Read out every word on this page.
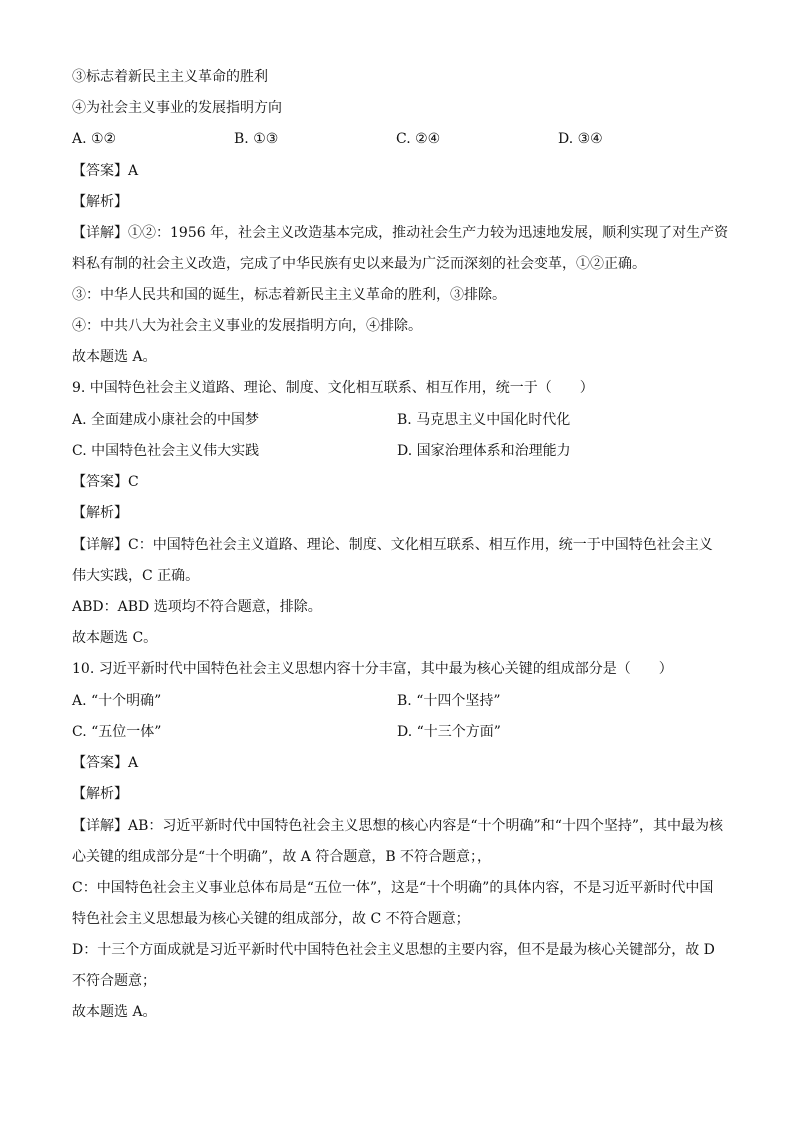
③标志着新民主主义革命的胜利
④为社会主义事业的发展指明方向
A. ①②	B. ①③	C. ②④	D. ③④
【答案】A
【解析】
【详解】①②：1956 年，社会主义改造基本完成，推动社会生产力较为迅速地发展，顺利实现了对生产资
料私有制的社会主义改造，完成了中华民族有史以来最为广泛而深刻的社会变革，①②正确。
③：中华人民共和国的诞生，标志着新民主主义革命的胜利，③排除。
④：中共八大为社会主义事业的发展指明方向，④排除。
故本题选 A。
9. 中国特色社会主义道路、理论、制度、文化相互联系、相互作用，统一于（　　）
A. 全面建成小康社会的中国梦	B. 马克思主义中国化时代化
C. 中国特色社会主义伟大实践	D. 国家治理体系和治理能力
【答案】C
【解析】
【详解】C：中国特色社会主义道路、理论、制度、文化相互联系、相互作用，统一于中国特色社会主义
伟大实践，C 正确。
ABD：ABD 选项均不符合题意，排除。
故本题选 C。
10. 习近平新时代中国特色社会主义思想内容十分丰富，其中最为核心关键的组成部分是（　　）
A. “十个明确”	B. “十四个坚持”
C. “五位一体”	D. “十三个方面”
【答案】A
【解析】
【详解】AB：习近平新时代中国特色社会主义思想的核心内容是“十个明确”和“十四个坚持”，其中最为核
心关键的组成部分是“十个明确”，故 A 符合题意，B 不符合题意；，
C：中国特色社会主义事业总体布局是“五位一体”，这是“十个明确”的具体内容，不是习近平新时代中国
特色社会主义思想最为核心关键的组成部分，故 C 不符合题意；
D：十三个方面成就是习近平新时代中国特色社会主义思想的主要内容，但不是最为核心关键部分，故 D
不符合题意；
故本题选 A。
